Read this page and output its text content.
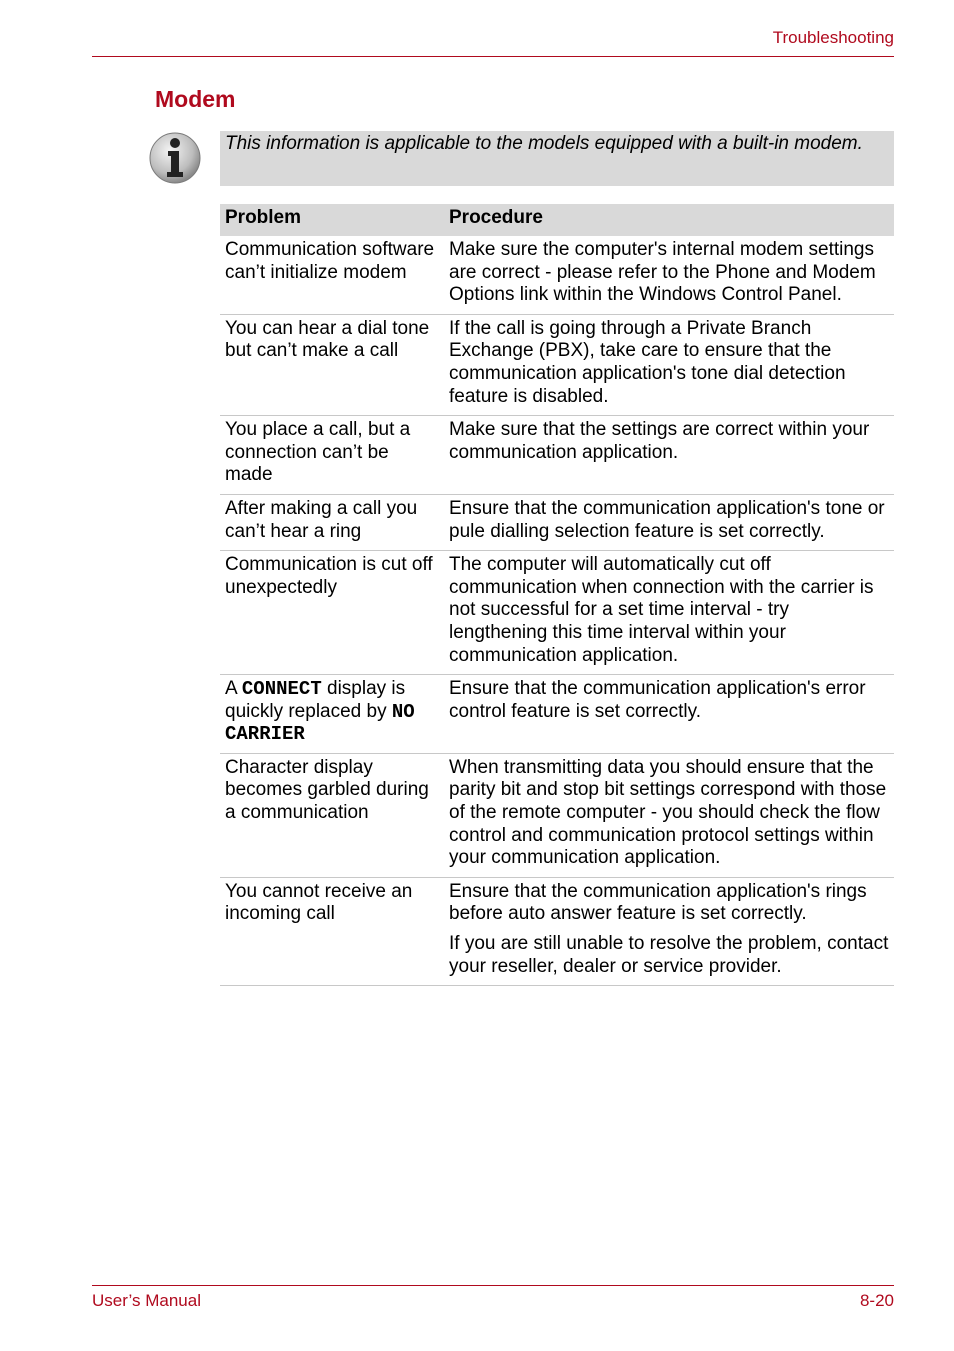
Troubleshooting
Modem
This information is applicable to the models equipped with a built-in modem.
Problem	Procedure
Communication software can’t initialize modem	Make sure the computer's internal modem settings are correct - please refer to the Phone and Modem Options link within the Windows Control Panel.
You can hear a dial tone but can’t make a call	If the call is going through a Private Branch Exchange (PBX), take care to ensure that the communication application's tone dial detection feature is disabled.
You place a call, but a connection can’t be made	Make sure that the settings are correct within your communication application.
After making a call you can’t hear a ring	Ensure that the communication application's tone or pule dialling selection feature is set correctly.
Communication is cut off unexpectedly	The computer will automatically cut off communication when connection with the carrier is not successful for a set time interval - try lengthening this time interval within your communication application.
A CONNECT display is quickly replaced by NO CARRIER	Ensure that the communication application's error control feature is set correctly.
Character display becomes garbled during a communication	When transmitting data you should ensure that the parity bit and stop bit settings correspond with those of the remote computer - you should check the flow control and communication protocol settings within your communication application.
You cannot receive an incoming call	Ensure that the communication application's rings before auto answer feature is set correctly.
If you are still unable to resolve the problem, contact your reseller, dealer or service provider.
User’s Manual	8-20
